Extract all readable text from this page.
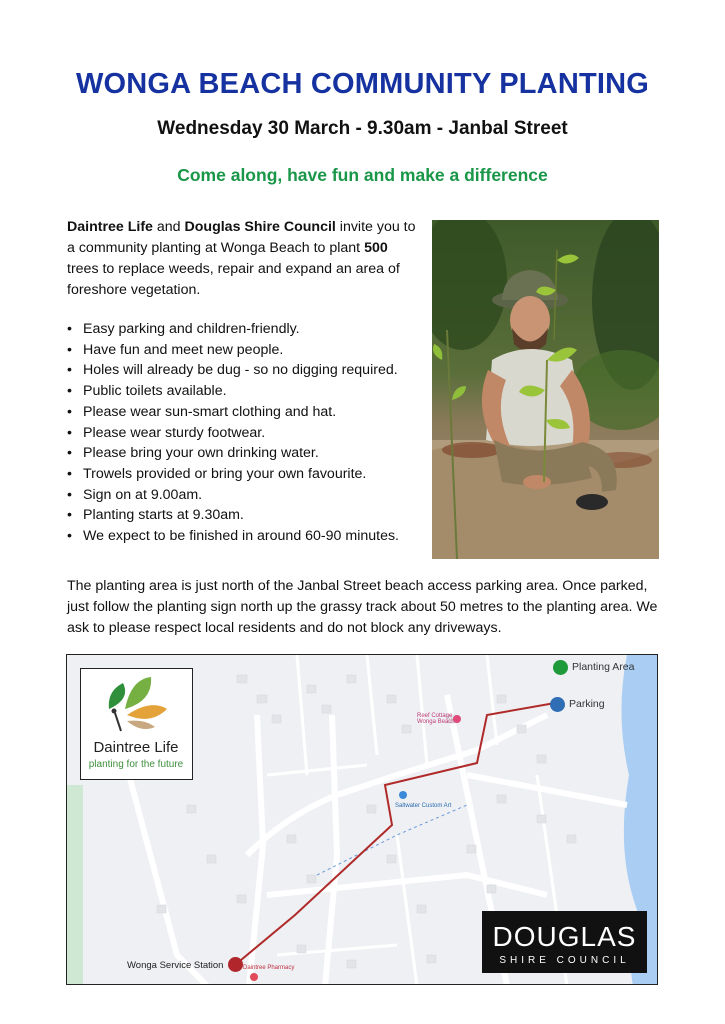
WONGA BEACH COMMUNITY PLANTING
Wednesday 30 March - 9.30am - Janbal Street
Come along, have fun and make a difference
Daintree Life and Douglas Shire Council invite you to a community planting at Wonga Beach to plant 500 trees to replace weeds, repair and expand an area of foreshore vegetation.
• Easy parking and children-friendly.
• Have fun and meet new people.
• Holes will already be dug - so no digging required.
• Public toilets available.
• Please wear sun-smart clothing and hat.
• Please wear sturdy footwear.
• Please bring your own drinking water.
• Trowels provided or bring your own favourite.
• Sign on at 9.00am.
• Planting starts at 9.30am.
• We expect to be finished in around 60-90 minutes.
The planting area is just north of the Janbal Street beach access parking area. Once parked, just follow the planting sign north up the grassy track about 50 metres to the planting area. We ask to please respect local residents and do not block any driveways.
Daintree Life
planting for the future
Planting Area
Parking
Reef Cottage Wonga Beach
Saltwater Custom Art
Wonga Service Station	Daintree Pharmacy
DOUGLAS
SHIRE COUNCIL
